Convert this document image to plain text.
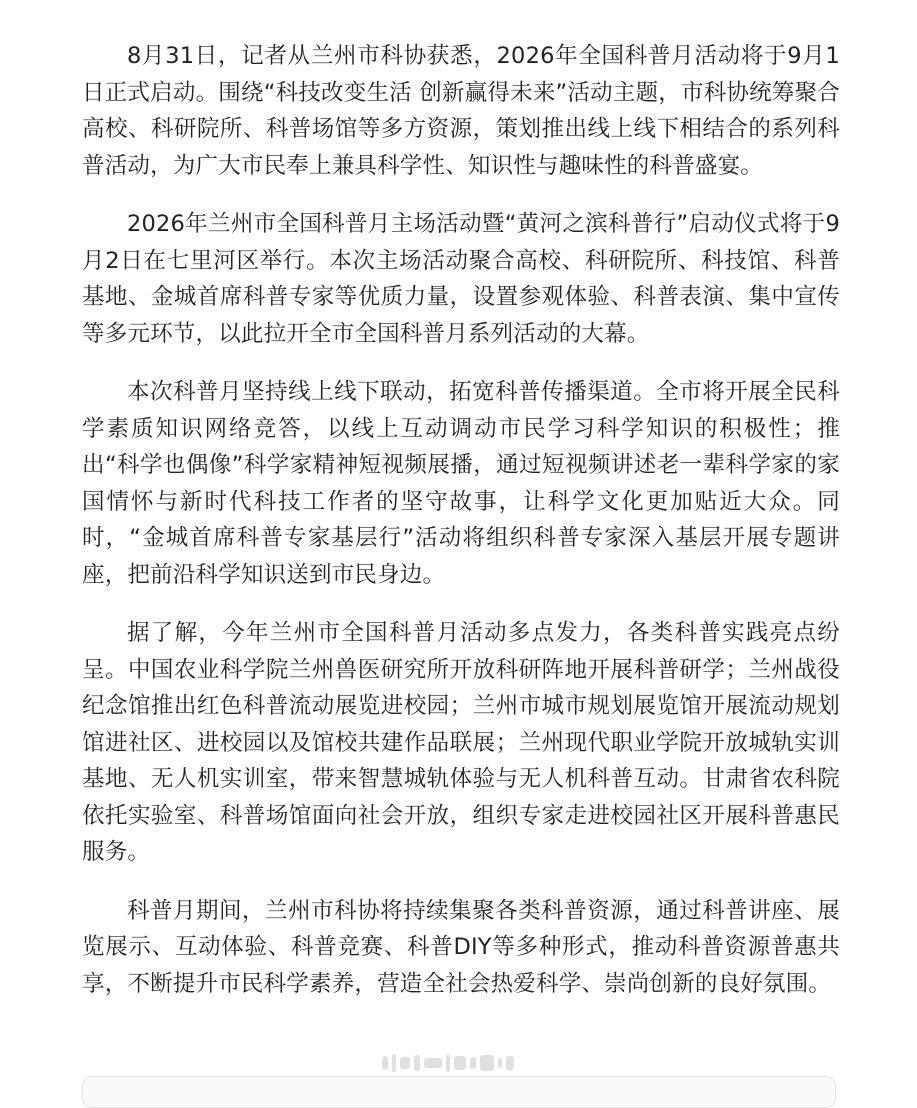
8月31日，记者从兰州市科协获悉，2026年全国科普月活动将于9月1日正式启动。围绕“科技改变生活 创新赢得未来”活动主题，市科协统筹聚合高校、科研院所、科普场馆等多方资源，策划推出线上线下相结合的系列科普活动，为广大市民奉上兼具科学性、知识性与趣味性的科普盛宴。

2026年兰州市全国科普月主场活动暨“黄河之滨科普行”启动仪式将于9月2日在七里河区举行。本次主场活动聚合高校、科研院所、科技馆、科普基地、金城首席科普专家等优质力量，设置参观体验、科普表演、集中宣传等多元环节，以此拉开全市全国科普月系列活动的大幕。

本次科普月坚持线上线下联动，拓宽科普传播渠道。全市将开展全民科学素质知识网络竞答，以线上互动调动市民学习科学知识的积极性；推出“科学也偶像”科学家精神短视频展播，通过短视频讲述老一辈科学家的家国情怀与新时代科技工作者的坚守故事，让科学文化更加贴近大众。同时，“金城首席科普专家基层行”活动将组织科普专家深入基层开展专题讲座，把前沿科学知识送到市民身边。

据了解，今年兰州市全国科普月活动多点发力，各类科普实践亮点纷呈。中国农业科学院兰州兽医研究所开放科研阵地开展科普研学；兰州战役纪念馆推出红色科普流动展览进校园；兰州市城市规划展览馆开展流动规划馆进社区、进校园以及馆校共建作品联展；兰州现代职业学院开放城轨实训基地、无人机实训室，带来智慧城轨体验与无人机科普互动。甘肃省农科院依托实验室、科普场馆面向社会开放，组织专家走进校园社区开展科普惠民服务。

科普月期间，兰州市科协将持续集聚各类科普资源，通过科普讲座、展览展示、互动体验、科普竞赛、科普DIY等多种形式，推动科普资源普惠共享，不断提升市民科学素养，营造全社会热爱科学、崇尚创新的良好氛围。
